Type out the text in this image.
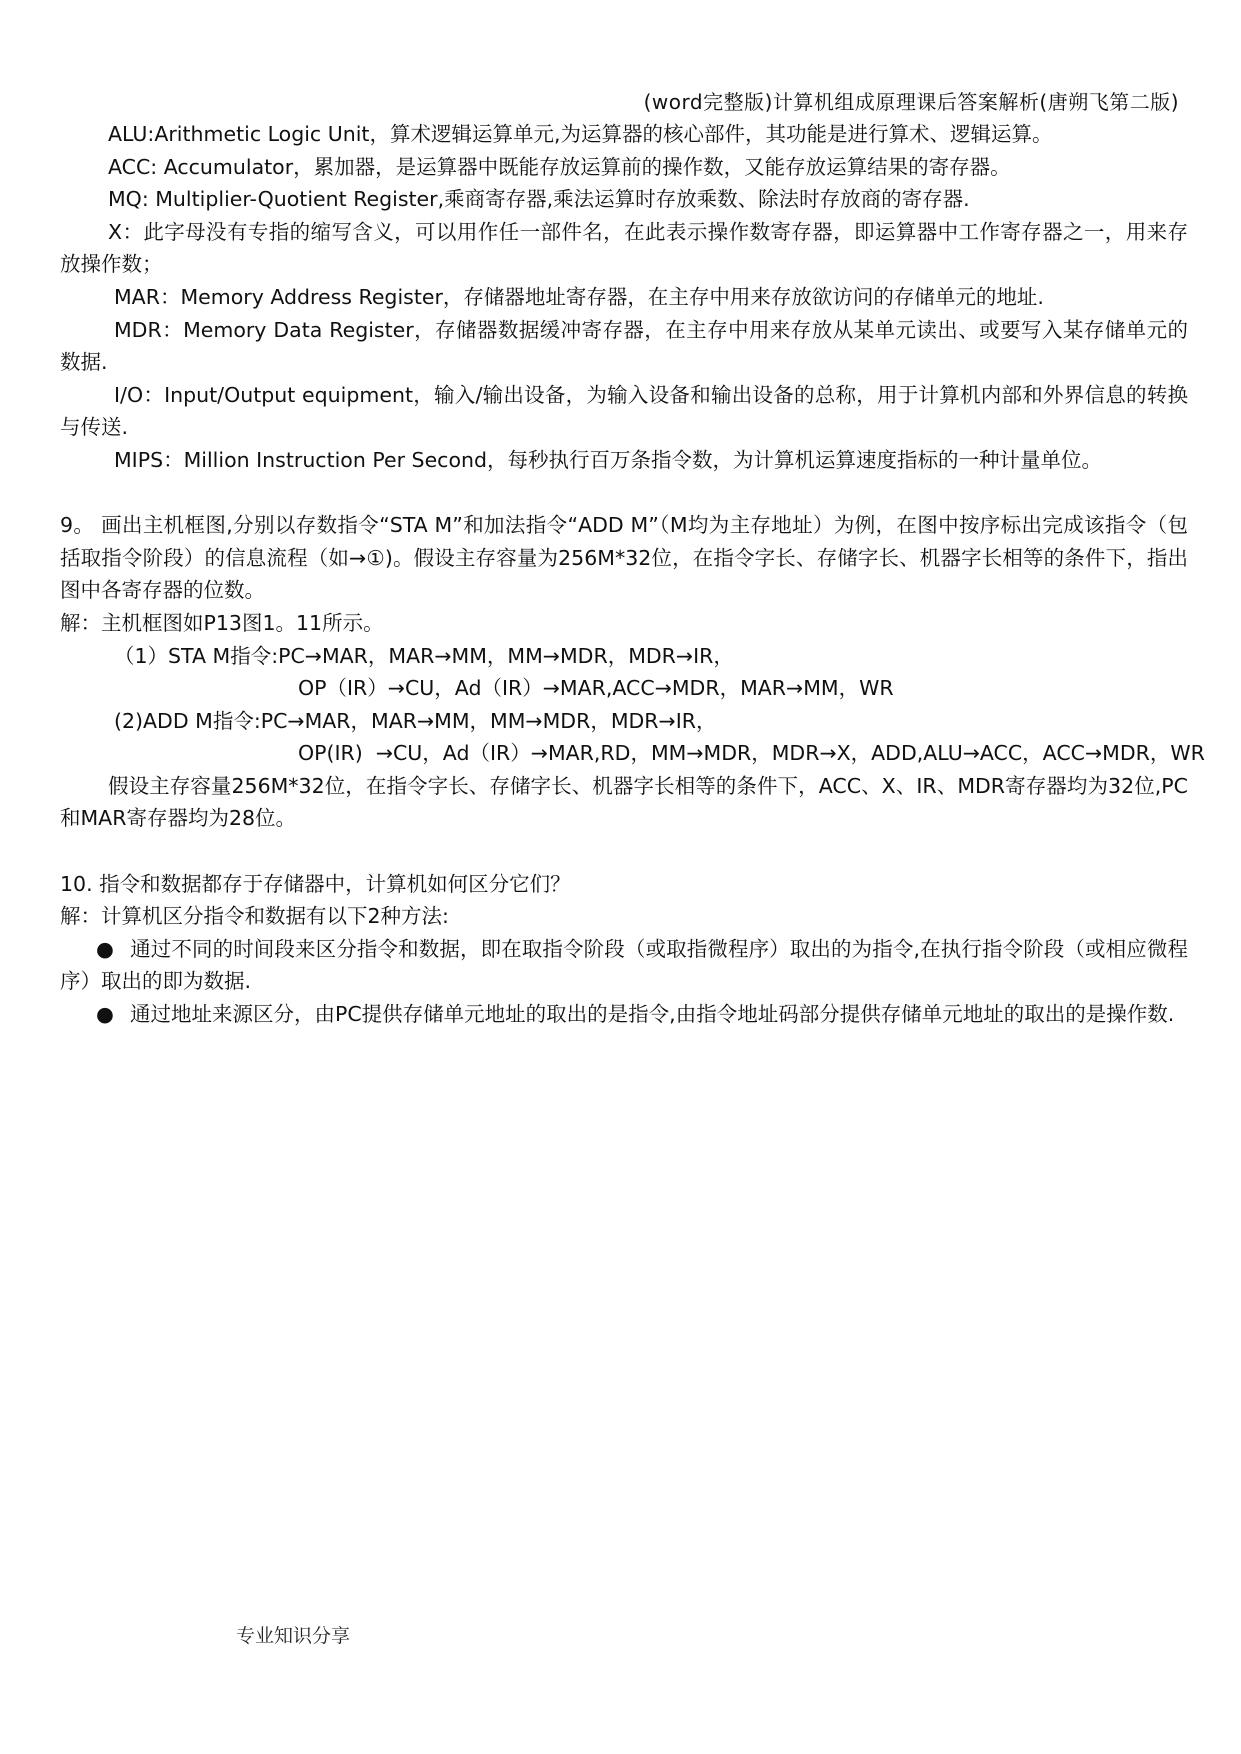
(word完整版)计算机组成原理课后答案解析(唐朔飞第二版)

ALU:Arithmetic Logic Unit，算术逻辑运算单元,为运算器的核心部件，其功能是进行算术、逻辑运算。

ACC: Accumulator，累加器，是运算器中既能存放运算前的操作数，又能存放运算结果的寄存器。

MQ: Multiplier-Quotient Register,乘商寄存器,乘法运算时存放乘数、除法时存放商的寄存器.

X：此字母没有专指的缩写含义，可以用作任一部件名，在此表示操作数寄存器，即运算器中工作寄存器之一，用来存放操作数；

MAR：Memory Address Register，存储器地址寄存器，在主存中用来存放欲访问的存储单元的地址.

MDR：Memory Data Register，存储器数据缓冲寄存器，在主存中用来存放从某单元读出、或要写入某存储单元的数据.

I/O：Input/Output equipment，输入/输出设备，为输入设备和输出设备的总称，用于计算机内部和外界信息的转换与传送.

MIPS：Million Instruction Per Second，每秒执行百万条指令数，为计算机运算速度指标的一种计量单位。

9。 画出主机框图,分别以存数指令“STA M”和加法指令“ADD M”（M均为主存地址）为例，在图中按序标出完成该指令（包括取指令阶段）的信息流程（如→①)。假设主存容量为256M*32位，在指令字长、存储字长、机器字长相等的条件下，指出图中各寄存器的位数。

解：主机框图如P13图1。11所示。

（1）STA M指令:PC→MAR，MAR→MM，MM→MDR，MDR→IR，

OP（IR）→CU，Ad（IR）→MAR,ACC→MDR，MAR→MM，WR

(2)ADD M指令:PC→MAR，MAR→MM，MM→MDR，MDR→IR，

OP(IR)  →CU，Ad（IR）→MAR,RD，MM→MDR，MDR→X，ADD,ALU→ACC，ACC→MDR，WR

假设主存容量256M*32位，在指令字长、存储字长、机器字长相等的条件下，ACC、X、IR、MDR寄存器均为32位,PC和MAR寄存器均为28位。

10. 指令和数据都存于存储器中，计算机如何区分它们？

解：计算机区分指令和数据有以下2种方法:

● 通过不同的时间段来区分指令和数据，即在取指令阶段（或取指微程序）取出的为指令,在执行指令阶段（或相应微程序）取出的即为数据.

● 通过地址来源区分，由PC提供存储单元地址的取出的是指令,由指令地址码部分提供存储单元地址的取出的是操作数.

专业知识分享
